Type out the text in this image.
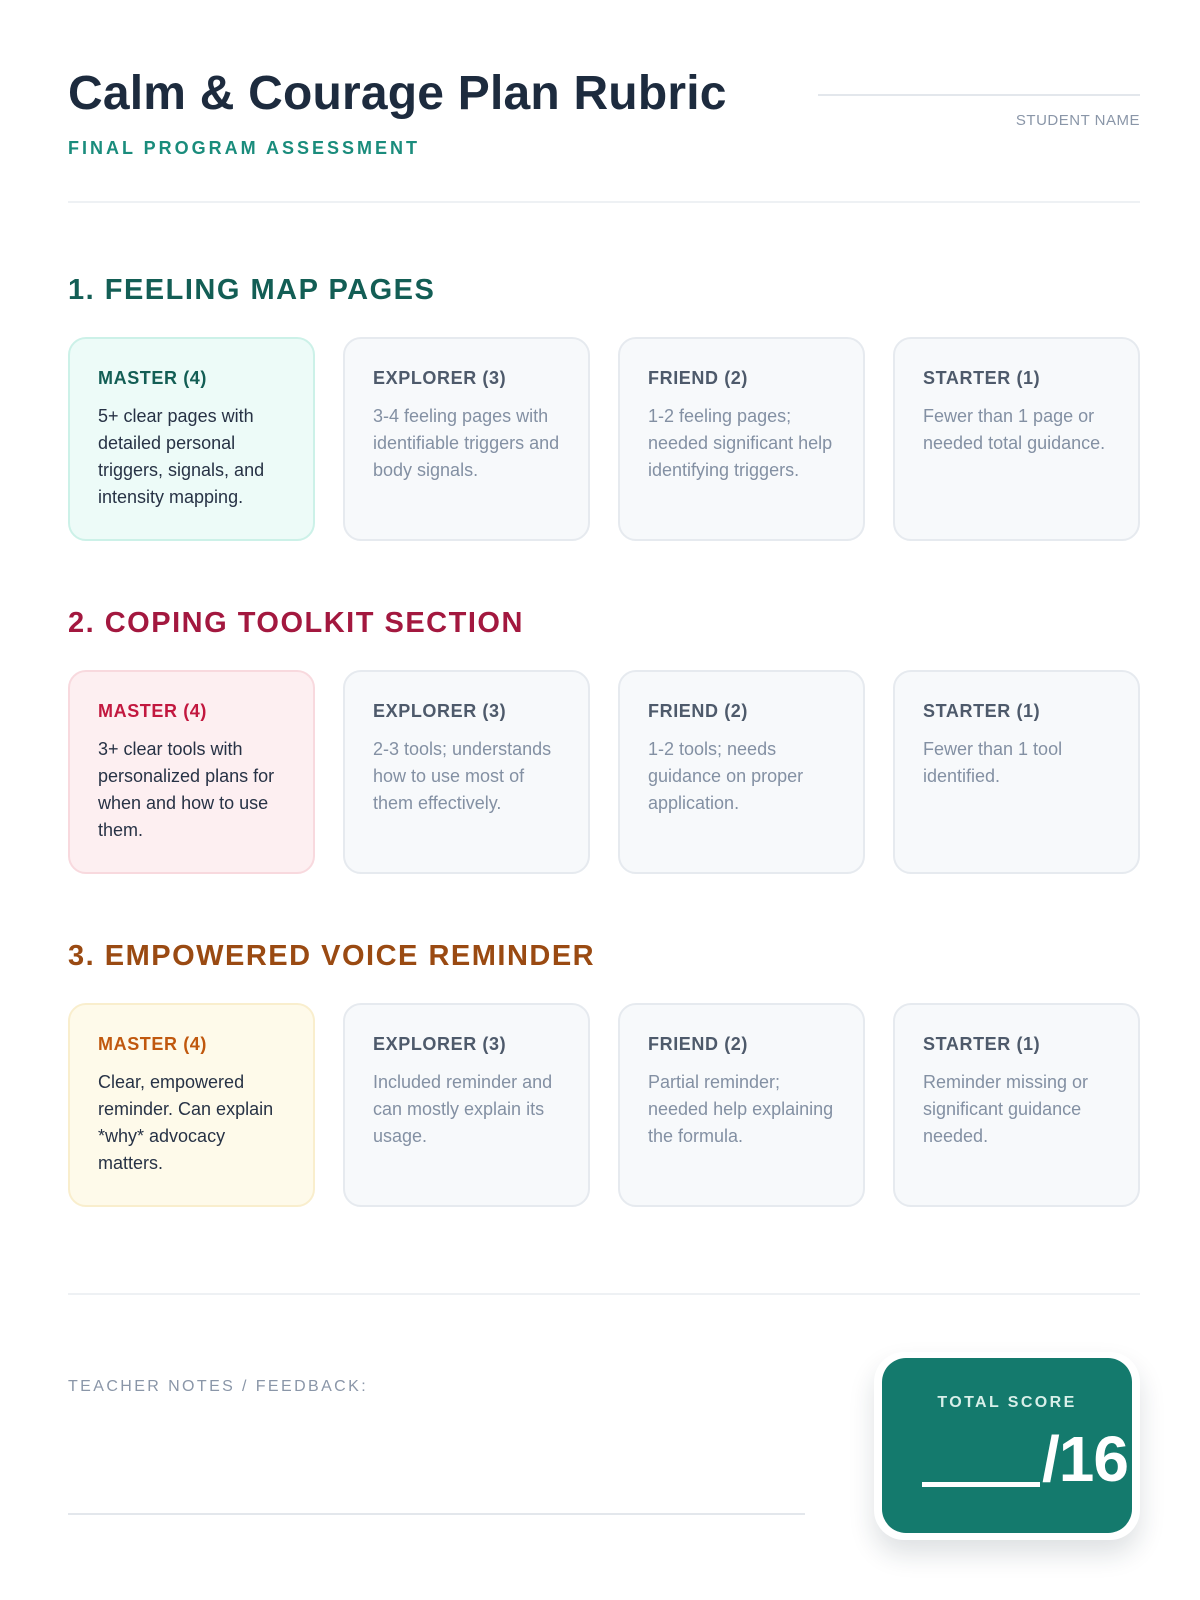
Calm & Courage Plan Rubric
FINAL PROGRAM ASSESSMENT
STUDENT NAME
1. FEELING MAP PAGES
MASTER (4)
5+ clear pages with detailed personal triggers, signals, and intensity mapping.
EXPLORER (3)
3-4 feeling pages with identifiable triggers and body signals.
FRIEND (2)
1-2 feeling pages; needed significant help identifying triggers.
STARTER (1)
Fewer than 1 page or needed total guidance.
2. COPING TOOLKIT SECTION
MASTER (4)
3+ clear tools with personalized plans for when and how to use them.
EXPLORER (3)
2-3 tools; understands how to use most of them effectively.
FRIEND (2)
1-2 tools; needs guidance on proper application.
STARTER (1)
Fewer than 1 tool identified.
3. EMPOWERED VOICE REMINDER
MASTER (4)
Clear, empowered reminder. Can explain *why* advocacy matters.
EXPLORER (3)
Included reminder and can mostly explain its usage.
FRIEND (2)
Partial reminder; needed help explaining the formula.
STARTER (1)
Reminder missing or significant guidance needed.
TEACHER NOTES / FEEDBACK:
TOTAL SCORE
/16
